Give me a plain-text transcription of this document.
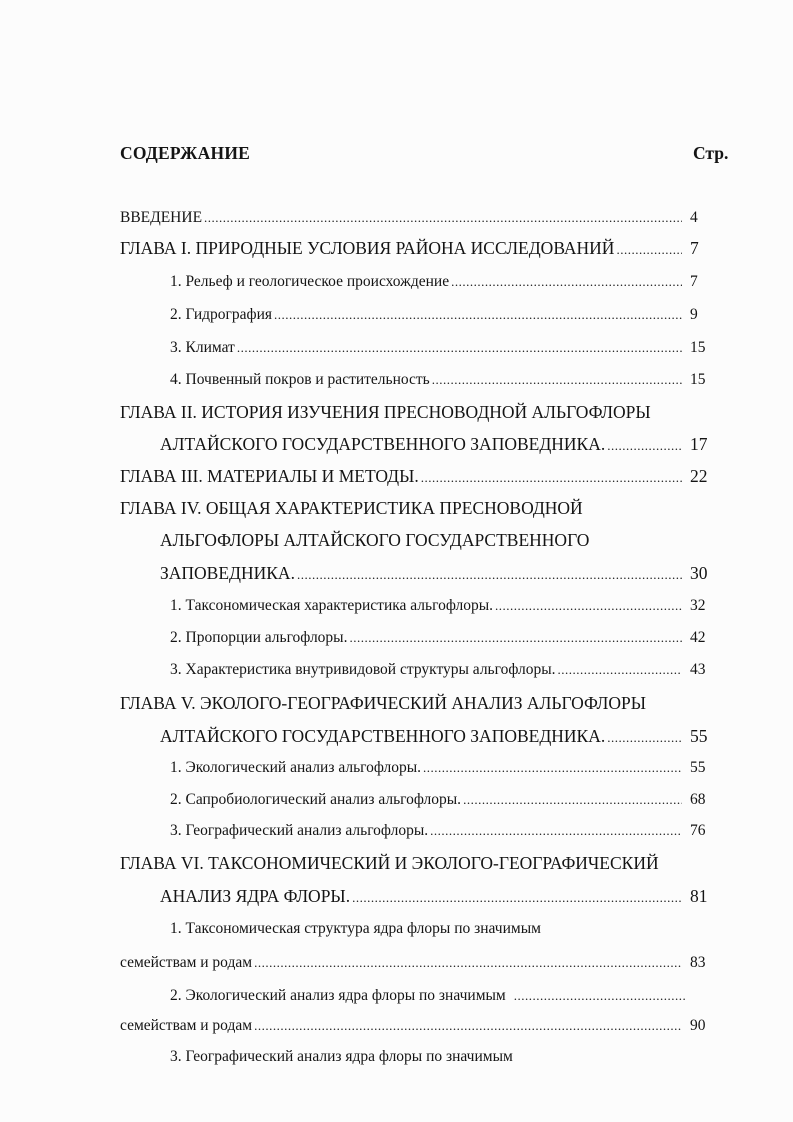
СОДЕРЖАНИЕ	Стр.
ВВЕДЕНИЕ .....	4
ГЛАВА I. ПРИРОДНЫЕ УСЛОВИЯ РАЙОНА ИССЛЕДОВАНИЙ .....	7
1. Рельеф и геологическое происхождение .....	7
2. Гидрография .....	9
3. Климат .....	15
4. Почвенный покров и растительность .....	15
ГЛАВА II. ИСТОРИЯ ИЗУЧЕНИЯ ПРЕСНОВОДНОЙ АЛЬГОФЛОРЫ
АЛТАЙСКОГО ГОСУДАРСТВЕННОГО ЗАПОВЕДНИКА. .....	17
ГЛАВА III. МАТЕРИАЛЫ И МЕТОДЫ. .....	22
ГЛАВА IV. ОБЩАЯ ХАРАКТЕРИСТИКА ПРЕСНОВОДНОЙ
АЛЬГОФЛОРЫ АЛТАЙСКОГО ГОСУДАРСТВЕННОГО
ЗАПОВЕДНИКА. .....	30
1. Таксономическая характеристика альгофлоры. .....	32
2. Пропорции альгофлоры. .....	42
3. Характеристика внутривидовой структуры альгофлоры. .....	43
ГЛАВА V. ЭКОЛОГО-ГЕОГРАФИЧЕСКИЙ АНАЛИЗ АЛЬГОФЛОРЫ
АЛТАЙСКОГО ГОСУДАРСТВЕННОГО ЗАПОВЕДНИКА. .....	55
1. Экологический анализ альгофлоры. .....	55
2. Сапробиологический анализ альгофлоры. .....	68
3. Географический анализ альгофлоры. .....	76
ГЛАВА VI. ТАКСОНОМИЧЕСКИЙ И ЭКОЛОГО-ГЕОГРАФИЧЕСКИЙ
АНАЛИЗ ЯДРА ФЛОРЫ. .....	81
1. Таксономическая структура ядра флоры по значимым
семействам и родам .....	83
2. Экологический анализ ядра флоры по значимым
.....
семействам и родам .....	90
3. Географический анализ ядра флоры по значимым
